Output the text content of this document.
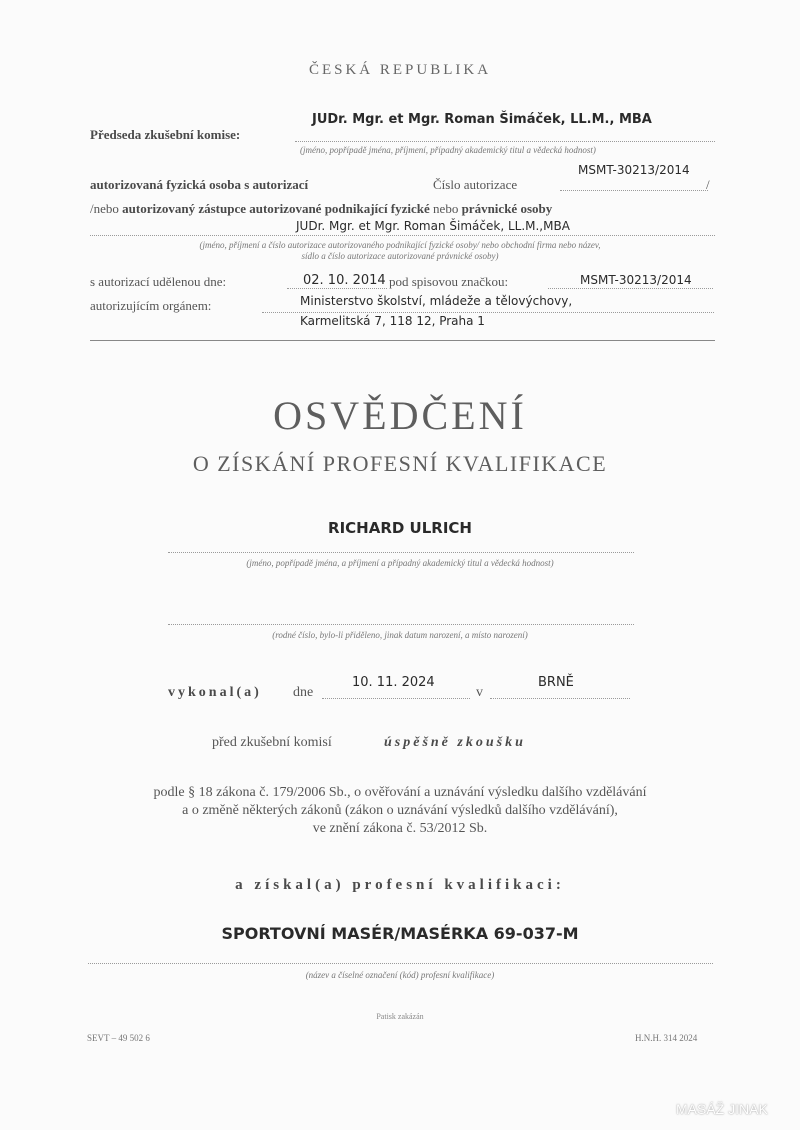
ČESKÁ REPUBLIKA
Předseda zkušební komise:
JUDr. Mgr. et Mgr. Roman Šimáček, LL.M., MBA
(jméno, popřípadě jména, příjmení, případný akademický titul a vědecká hodnost)
autorizovaná fyzická osoba s autorizací	Číslo autorizace
MSMT-30213/2014
/
/nebo autorizovaný zástupce autorizované podnikající fyzické nebo právnické osoby
JUDr. Mgr. et Mgr. Roman Šimáček, LL.M.,MBA
(jméno, příjmení a číslo autorizace autorizovaného podnikající fyzické osoby/ nebo obchodní firma nebo název,
sídlo a číslo autorizace autorizované právnické osoby)
s autorizací udělenou dne:	02. 10. 2014 pod spisovou značkou:	MSMT-30213/2014
autorizujícím orgánem:	Ministerstvo školství, mládeže a tělovýchovy,
Karmelitská 7, 118 12, Praha 1
OSVĚDČENÍ
O ZÍSKÁNÍ PROFESNÍ KVALIFIKACE
RICHARD ULRICH
(jméno, popřípadě jména, a příjmení a případný akademický titul a vědecká hodnost)
(rodné číslo, bylo-li přiděleno, jinak datum narození, a místo narození)
vykonal(a) dne
10. 11. 2024
v
BRNĚ
před zkušební komisí	úspěšně zkoušku
podle § 18 zákona č. 179/2006 Sb., o ověřování a uznávání výsledku dalšího vzdělávání
a o změně některých zákonů (zákon o uznávání výsledků dalšího vzdělávání),
ve znění zákona č. 53/2012 Sb.
a získal(a) profesní kvalifikaci:
SPORTOVNÍ MASÉR/MASÉRKA 69-037-M
(název a číselné označení (kód) profesní kvalifikace)
Patisk zakázán
SEVT – 49 502 6	H.N.H. 314 2024
MASÁŽ JINAK
